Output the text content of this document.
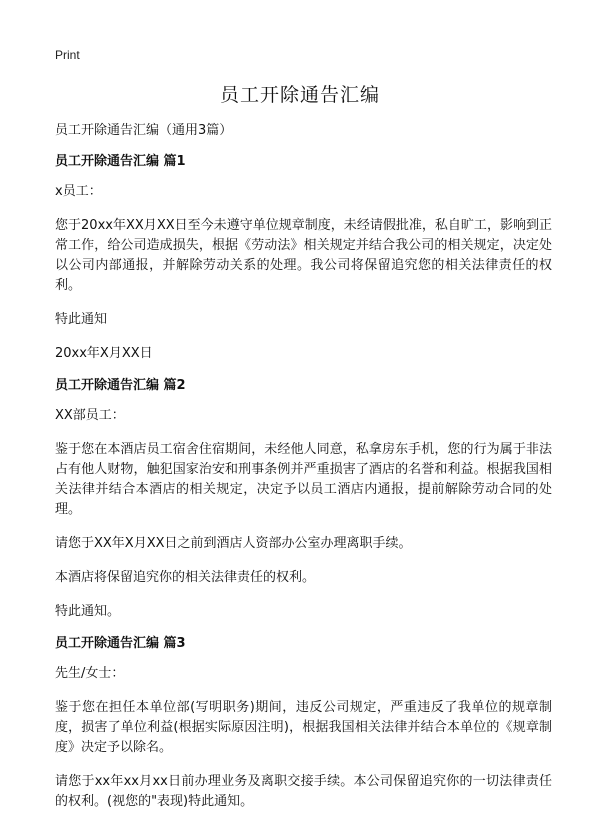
Print
员工开除通告汇编

员工开除通告汇编（通用3篇）

员工开除通告汇编 篇1

x员工：

您于20xx年XX月XX日至今未遵守单位规章制度，未经请假批准，私自旷工，影响到正常工作，给公司造成损失，根据《劳动法》相关规定并结合我公司的相关规定，决定处以公司内部通报，并解除劳动关系的处理。我公司将保留追究您的相关法律责任的权利。

特此通知

20xx年X月XX日

员工开除通告汇编 篇2

XX部员工：

鉴于您在本酒店员工宿舍住宿期间，未经他人同意，私拿房东手机，您的行为属于非法占有他人财物，触犯国家治安和刑事条例并严重损害了酒店的名誉和利益。根据我国相关法律并结合本酒店的相关规定，决定予以员工酒店内通报，提前解除劳动合同的处理。

请您于XX年X月XX日之前到酒店人资部办公室办理离职手续。

本酒店将保留追究你的相关法律责任的权利。

特此通知。

员工开除通告汇编 篇3

先生/女士：

鉴于您在担任本单位部(写明职务)期间，违反公司规定，严重违反了我单位的规章制度，损害了单位利益(根据实际原因注明)，根据我国相关法律并结合本单位的《规章制度》决定予以除名。

请您于xx年xx月xx日前办理业务及离职交接手续。本公司保留追究你的一切法律责任的权利。(视您的"表现)特此通知。
